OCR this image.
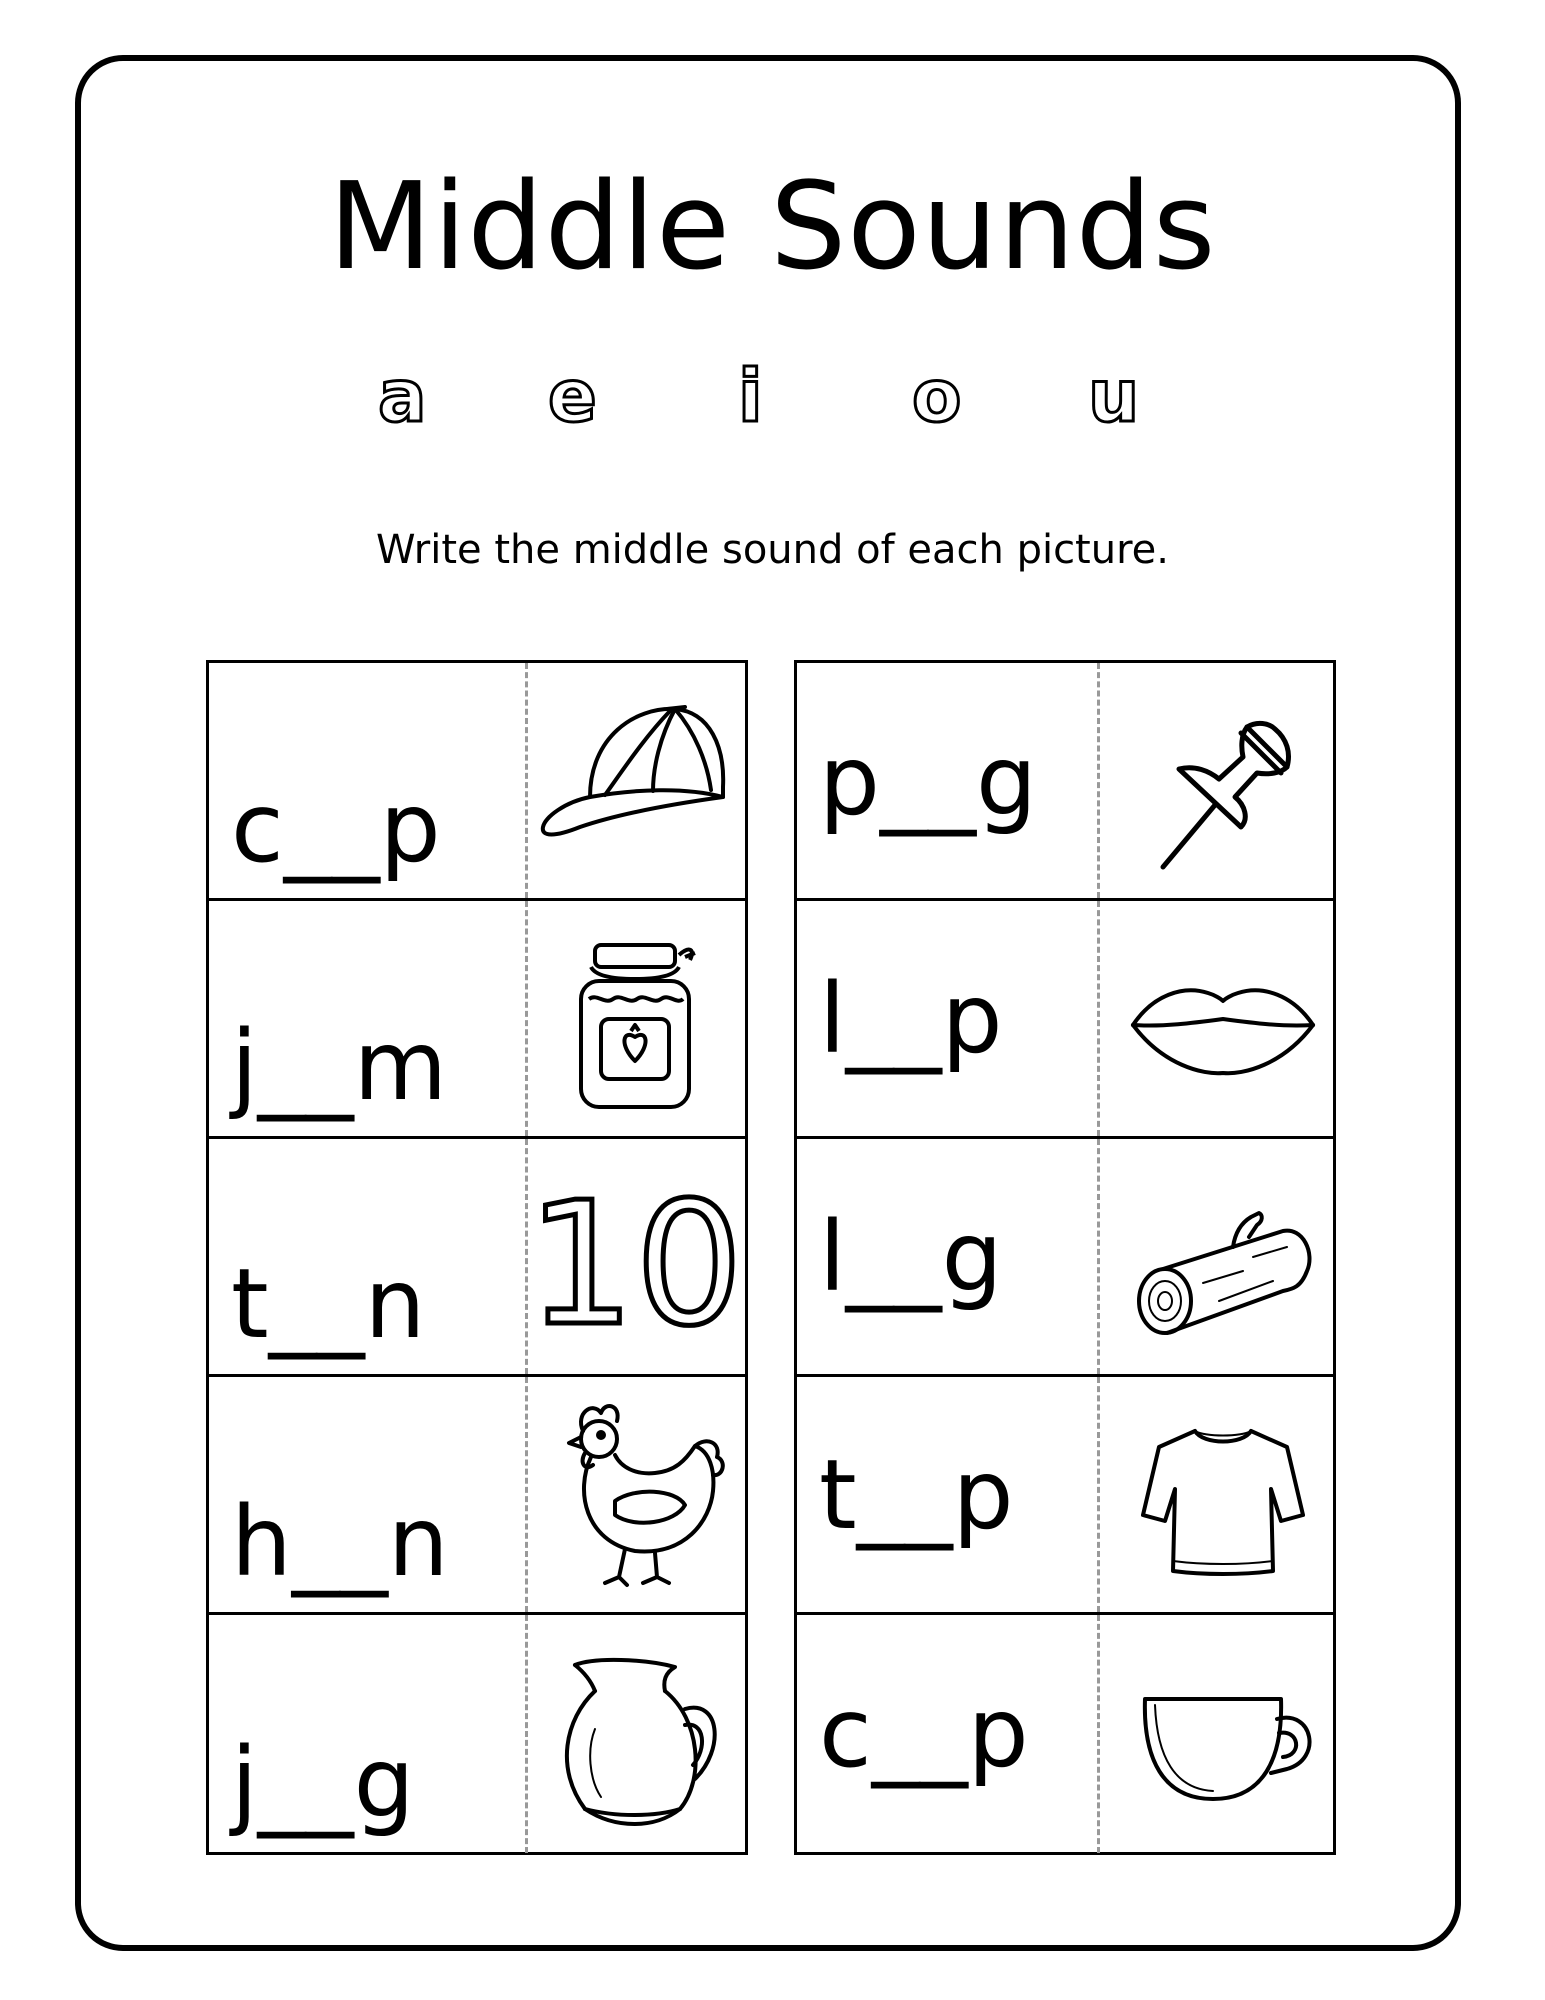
Middle Sounds
a e i o u
Write the middle sound of each picture.
c__p
j__m
t__n 10
h__n
j__g
p__g
l__p
l__g
t__p
c__p
